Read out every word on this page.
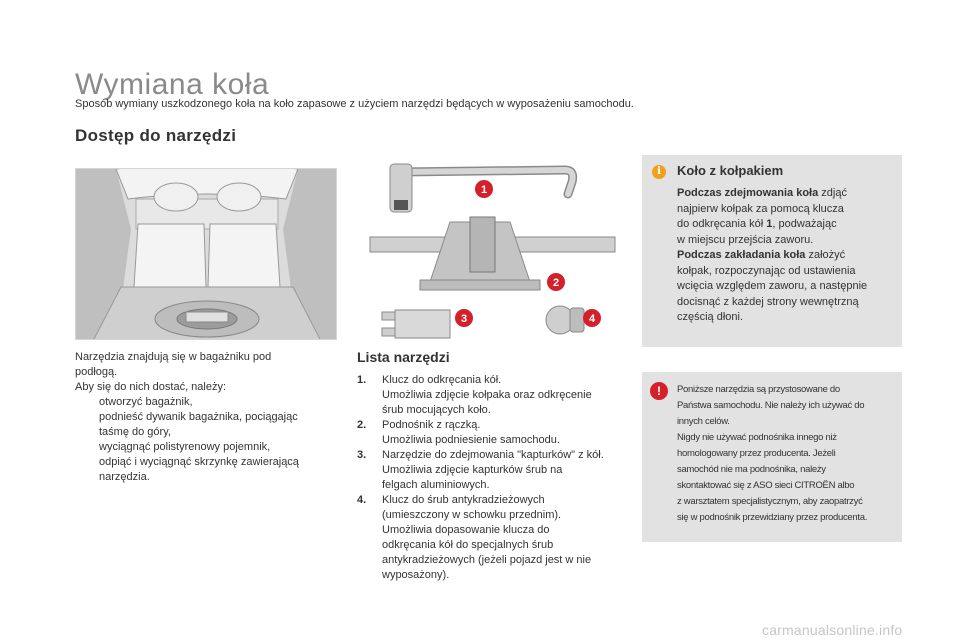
Wymiana koła
Sposób wymiany uszkodzonego koła na koło zapasowe z użyciem narzędzi będących w wyposażeniu samochodu.
Dostęp do narzędzi
Narzędzia znajdują się w bagażniku pod
podłogą.
Aby się do nich dostać, należy:
otworzyć bagażnik,
podnieść dywanik bagażnika, pociągając
taśmę do góry,
wyciągnąć polistyrenowy pojemnik,
odpiąć i wyciągnąć skrzynkę zawierającą
narzędzia.
1
2
3	4
Lista narzędzi
1. Klucz do odkręcania kół.
Umożliwia zdjęcie kołpaka oraz odkręcenie
śrub mocujących koło.
2. Podnośnik z rączką.
Umożliwia podniesienie samochodu.
3. Narzędzie do zdejmowania "kapturków" z kół.
Umożliwia zdjęcie kapturków śrub na
felgach aluminiowych.
4. Klucz do śrub antykradzieżowych
(umieszczony w schowku przednim).
Umożliwia dopasowanie klucza do
odkręcania kół do specjalnych śrub
antykradzieżowych (jeżeli pojazd jest w nie
wyposażony).
i	Koło z kołpakiem
Podczas zdejmowania koła zdjąć
najpierw kołpak za pomocą klucza
do odkręcania kół 1, podważając
w miejscu przejścia zaworu.
Podczas zakładania koła założyć
kołpak, rozpoczynając od ustawienia
wcięcia względem zaworu, a następnie
docisnąć z każdej strony wewnętrzną
częścią dłoni.
!	Poniższe narzędzia są przystosowane do
Państwa samochodu. Nie należy ich używać do
innych celów.
Nigdy nie używać podnośnika innego niż
homologowany przez producenta. Jeżeli
samochód nie ma podnośnika, należy
skontaktować się z ASO sieci CITROËN albo
z warsztatem specjalistycznym, aby zaopatrzyć
się w podnośnik przewidziany przez producenta.
carmanualsonline.info
